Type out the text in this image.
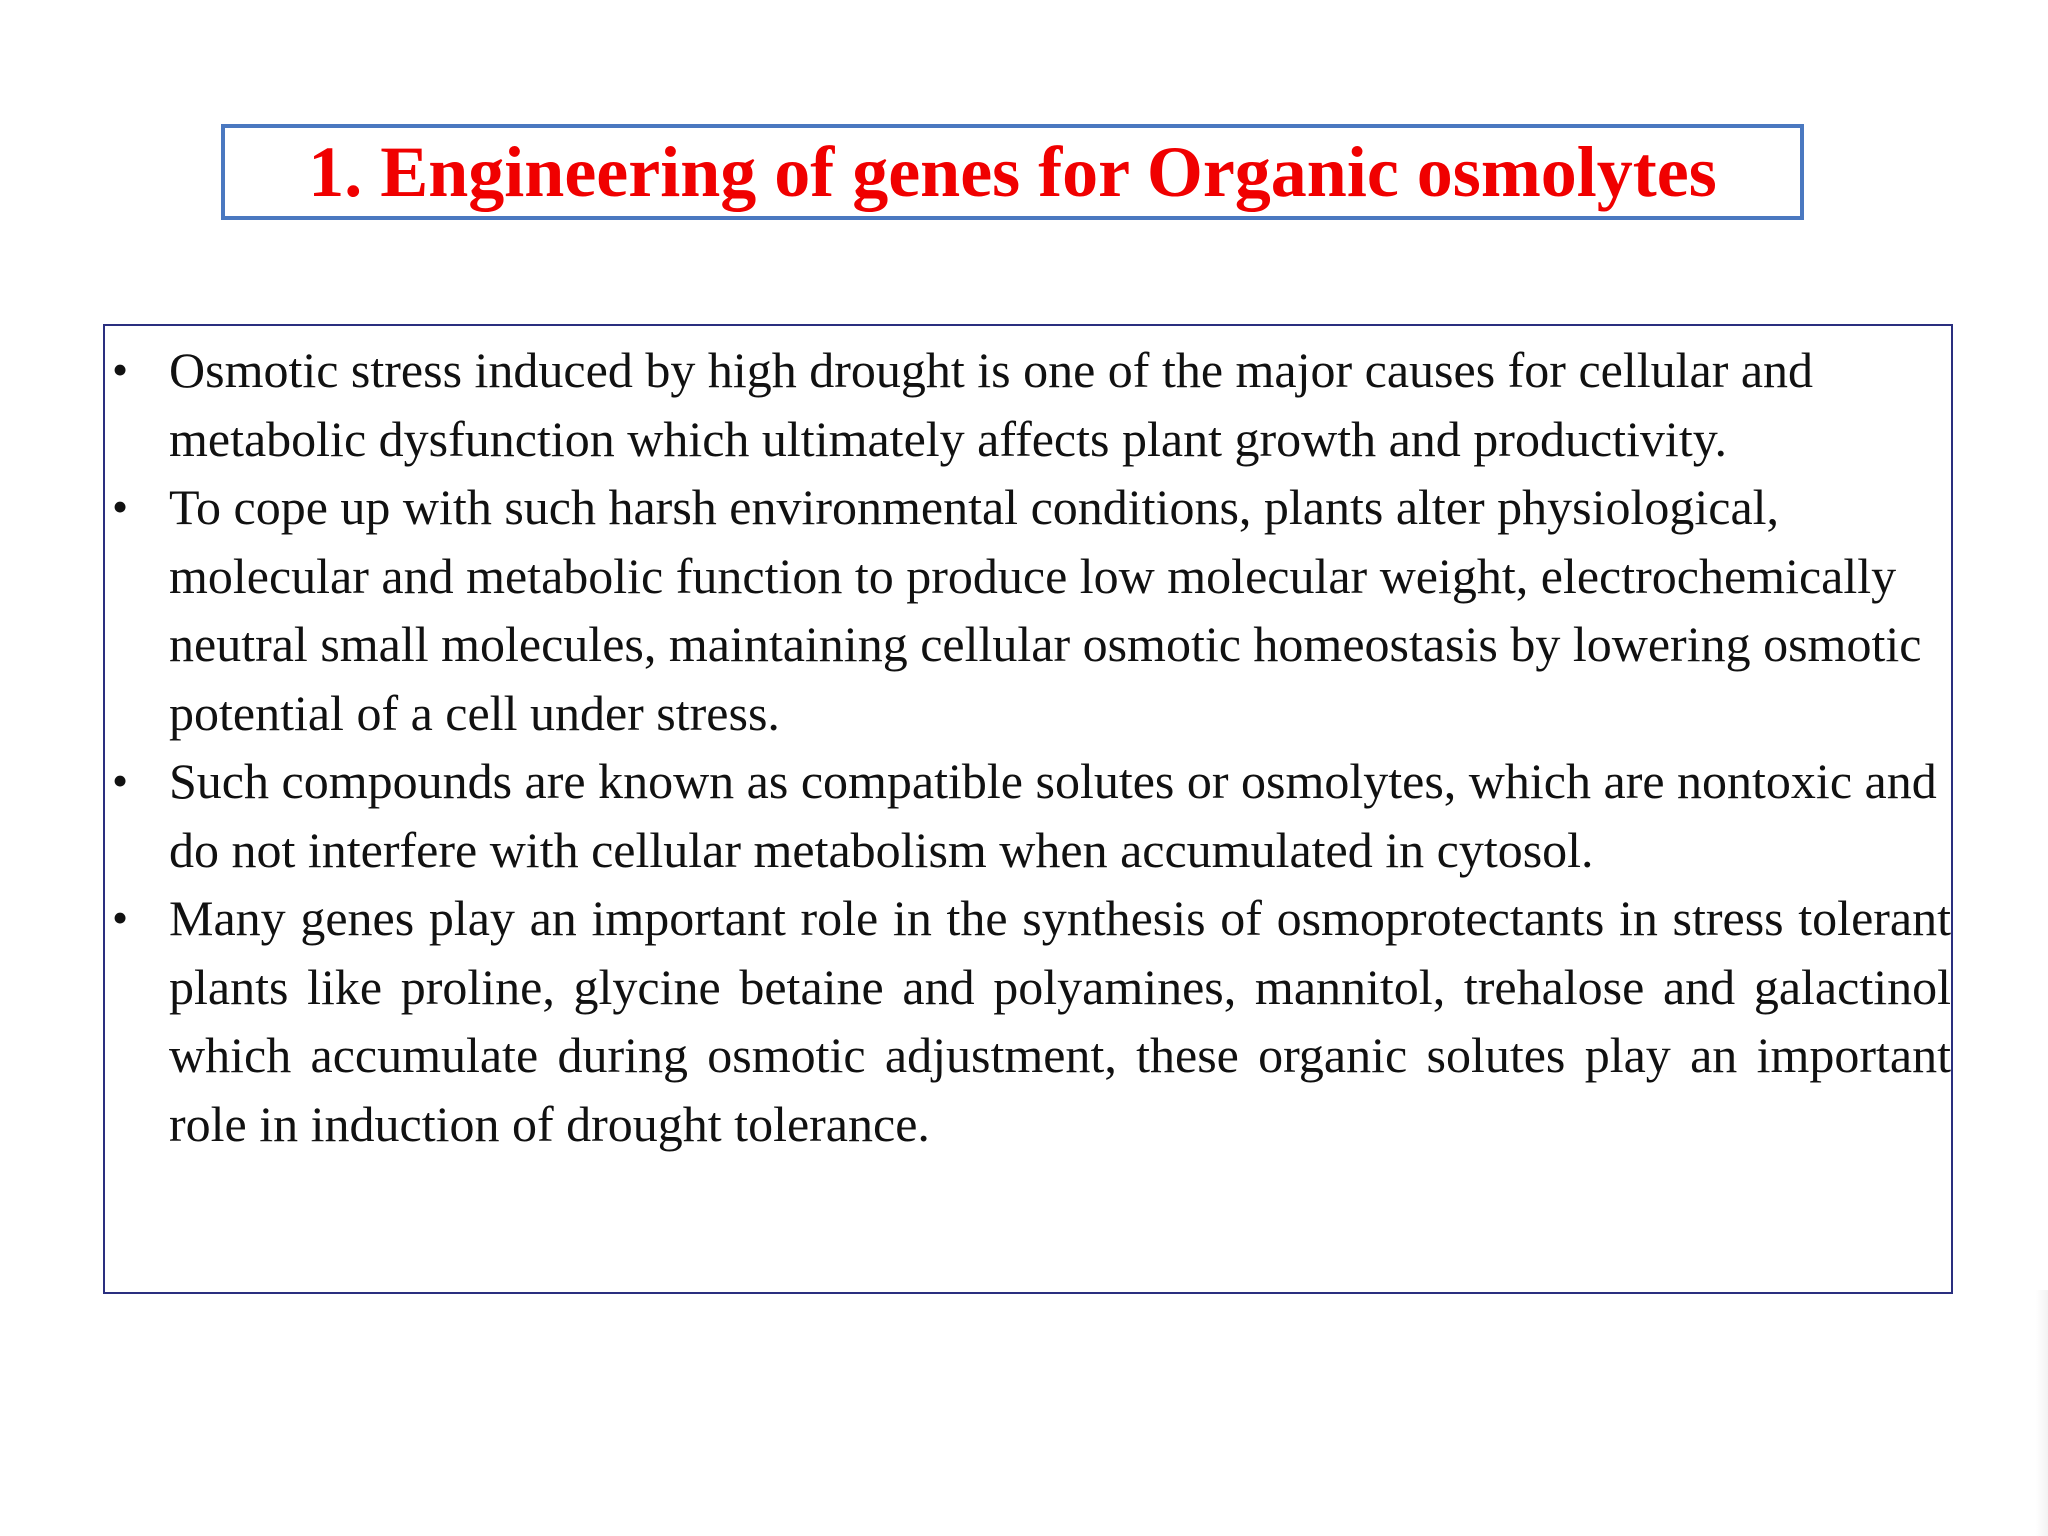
1. Engineering of genes for Organic osmolytes
• Osmotic stress induced by high drought is one of the major causes for cellular and metabolic dysfunction which ultimately affects plant growth and productivity.
• To cope up with such harsh environmental conditions, plants alter physiological, molecular and metabolic function to produce low molecular weight, electrochemically neutral small molecules, maintaining cellular osmotic homeostasis by lowering osmotic potential of a cell under stress.
• Such compounds are known as compatible solutes or osmolytes, which are nontoxic and do not interfere with cellular metabolism when accumulated in cytosol.
• Many genes play an important role in the synthesis of osmoprotectants in stress tolerant plants like proline, glycine betaine and polyamines, mannitol, trehalose and galactinol which accumulate during osmotic adjustment, these organic solutes play an important role in induction of drought tolerance.
